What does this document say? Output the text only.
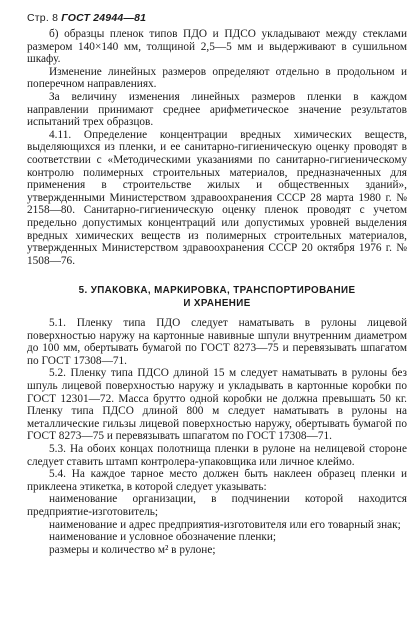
Стр. 8 ГОСТ 24944—81

б) образцы пленок типов ПДО и ПДСО укладывают между стеклами размером 140×140 мм, толщиной 2,5—5 мм и выдерживают в сушильном шкафу.

Изменение линейных размеров определяют отдельно в продольном и поперечном направлениях.

За величину изменения линейных размеров пленки в каждом направлении принимают среднее арифметическое значение результатов испытаний трех образцов.

4.11. Определение концентрации вредных химических веществ, выделяющихся из пленки, и ее санитарно-гигиеническую оценку проводят в соответствии с «Методическими указаниями по санитарно-гигиеническому контролю полимерных строительных материалов, предназначенных для применения в строительстве жилых и общественных зданий», утвержденными Министерством здравоохранения СССР 28 марта 1980 г. № 2158—80. Санитарно-гигиеническую оценку пленок проводят с учетом предельно допустимых концентраций или допустимых уровней выделения вредных химических веществ из полимерных строительных материалов, утвержденных Министерством здравоохранения СССР 20 октября 1976 г. № 1508—76.

5. УПАКОВКА, МАРКИРОВКА, ТРАНСПОРТИРОВАНИЕ
И ХРАНЕНИЕ

5.1. Пленку типа ПДО следует наматывать в рулоны лицевой поверхностью наружу на картонные навивные шпули внутренним диаметром до 100 мм, обертывать бумагой по ГОСТ 8273—75 и перевязывать шпагатом по ГОСТ 17308—71.

5.2. Пленку типа ПДСО длиной 15 м следует наматывать в рулоны без шпуль лицевой поверхностью наружу и укладывать в картонные коробки по ГОСТ 12301—72. Масса брутто одной коробки не должна превышать 50 кг. Пленку типа ПДСО длиной 800 м следует наматывать в рулоны на металлические гильзы лицевой поверхностью наружу, обертывать бумагой по ГОСТ 8273—75 и перевязывать шпагатом по ГОСТ 17308—71.

5.3. На обоих концах полотнища пленки в рулоне на нелицевой стороне следует ставить штамп контролера-упаковщика или личное клеймо.

5.4. На каждое тарное место должен быть наклеен образец пленки и приклеена этикетка, в которой следует указывать:

наименование организации, в подчинении которой находится предприятие-изготовитель;

наименование и адрес предприятия-изготовителя или его товарный знак;

наименование и условное обозначение пленки;

размеры и количество м² в рулоне;
